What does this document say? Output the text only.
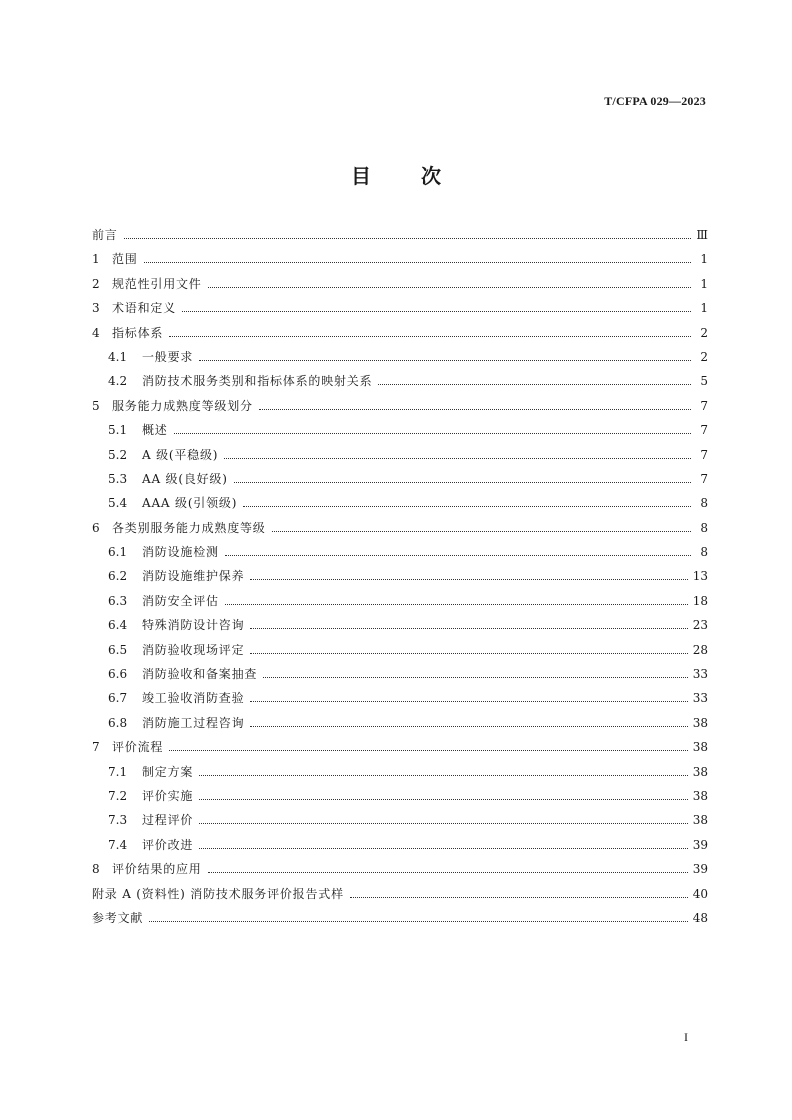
T/CFPA 029—2023
目	次
前言	Ⅲ
1	范围	1
2	规范性引用文件	1
3	术语和定义	1
4	指标体系	2
4.1	一般要求	2
4.2	消防技术服务类别和指标体系的映射关系	5
5	服务能力成熟度等级划分	7
5.1	概述	7
5.2	A 级(平稳级)	7
5.3	AA 级(良好级)	7
5.4	AAA 级(引领级)	8
6	各类别服务能力成熟度等级	8
6.1	消防设施检测	8
6.2	消防设施维护保养	13
6.3	消防安全评估	18
6.4	特殊消防设计咨询	23
6.5	消防验收现场评定	28
6.6	消防验收和备案抽查	33
6.7	竣工验收消防查验	33
6.8	消防施工过程咨询	38
7	评价流程	38
7.1	制定方案	38
7.2	评价实施	38
7.3	过程评价	38
7.4	评价改进	39
8	评价结果的应用	39
附录 A (资料性) 消防技术服务评价报告式样	40
参考文献	48
I
